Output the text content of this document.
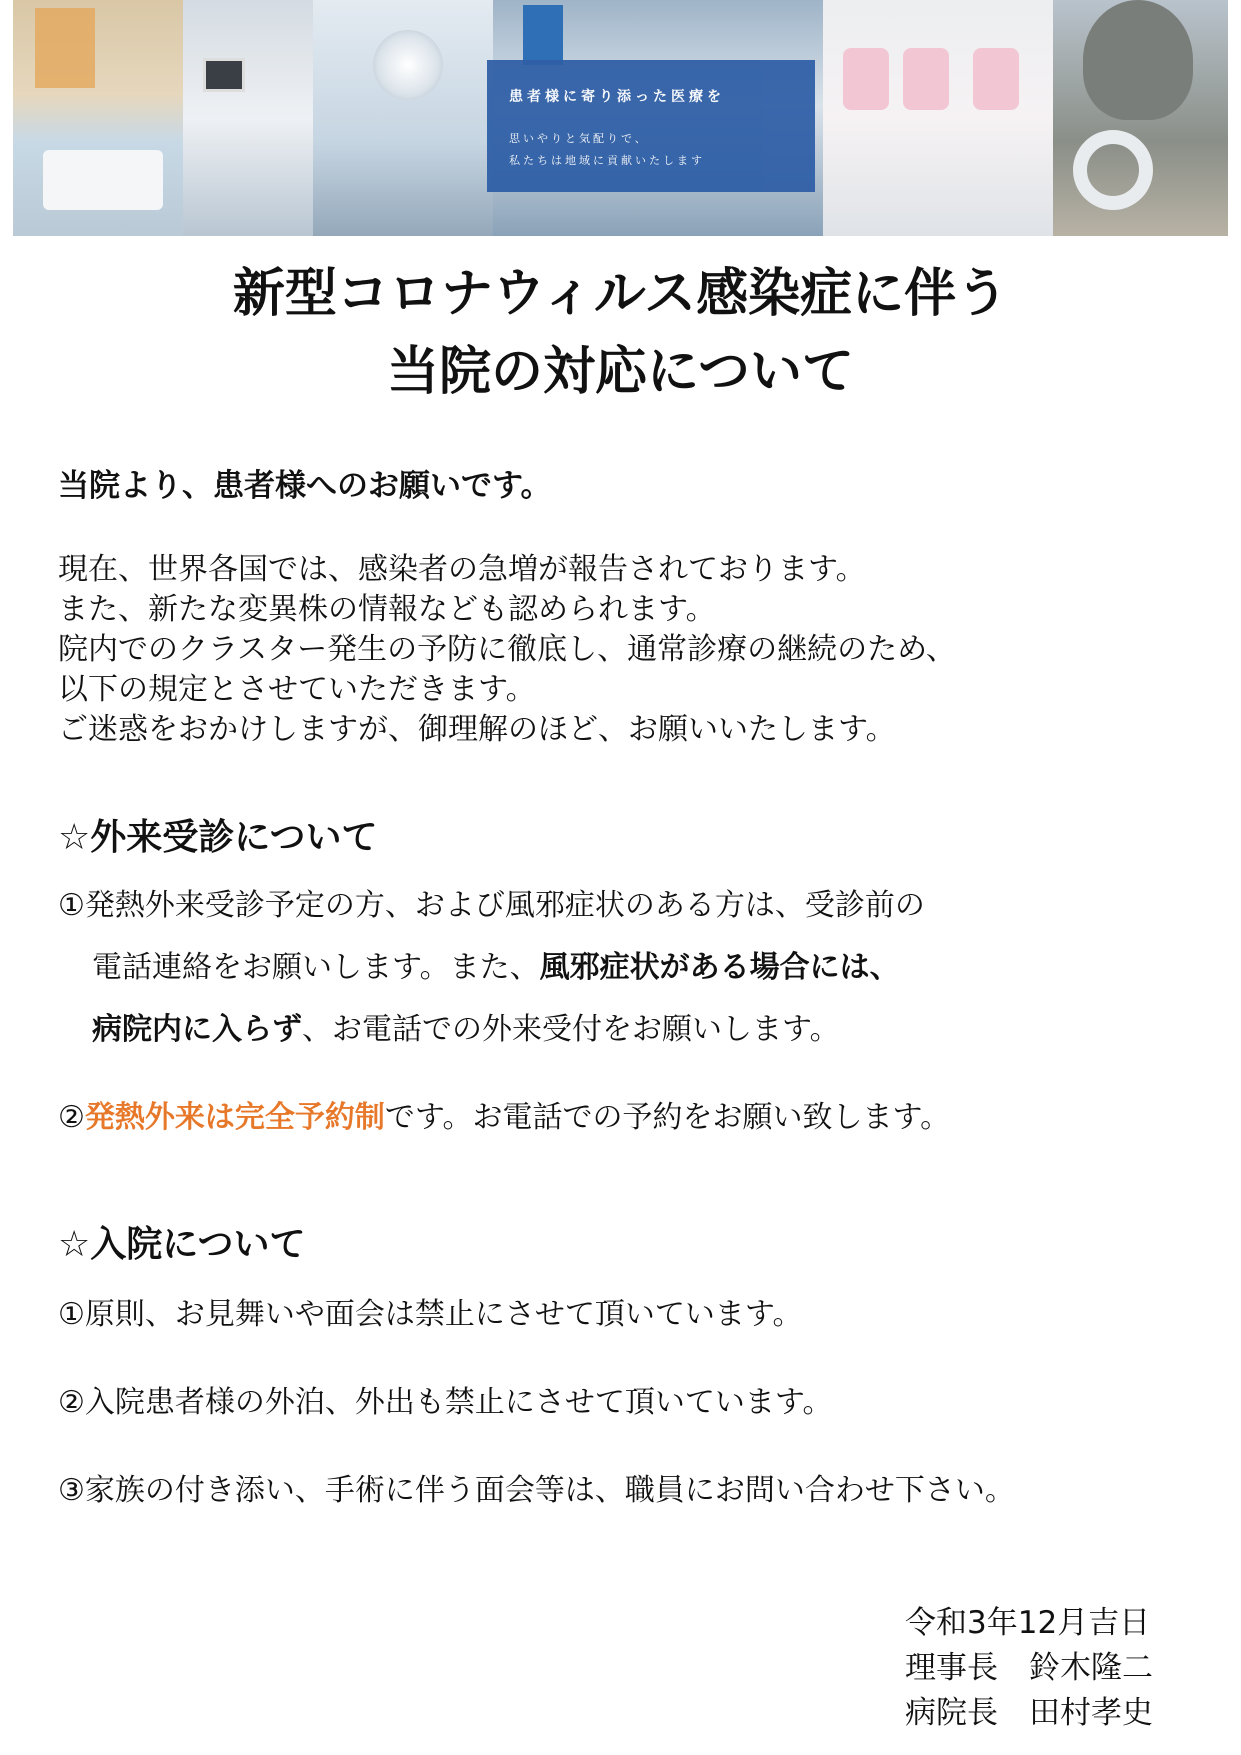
患者様に寄り添った医療を
思いやりと気配りで、
私たちは地域に貢献いたします
新型コロナウィルス感染症に伴う
当院の対応について
当院より、患者様へのお願いです。
現在、世界各国では、感染者の急増が報告されております。
また、新たな変異株の情報なども認められます。
院内でのクラスター発生の予防に徹底し、通常診療の継続のため、
以下の規定とさせていただきます。
ご迷惑をおかけしますが、御理解のほど、お願いいたします。
☆外来受診について
①発熱外来受診予定の方、および風邪症状のある方は、受診前の
電話連絡をお願いします。また、風邪症状がある場合には、
病院内に入らず、お電話での外来受付をお願いします。
②発熱外来は完全予約制です。お電話での予約をお願い致します。
☆入院について
①原則、お見舞いや面会は禁止にさせて頂いています。
②入院患者様の外泊、外出も禁止にさせて頂いています。
③家族の付き添い、手術に伴う面会等は、職員にお問い合わせ下さい。
令和3年12月吉日
理事長　鈴木隆二
病院長　田村孝史
